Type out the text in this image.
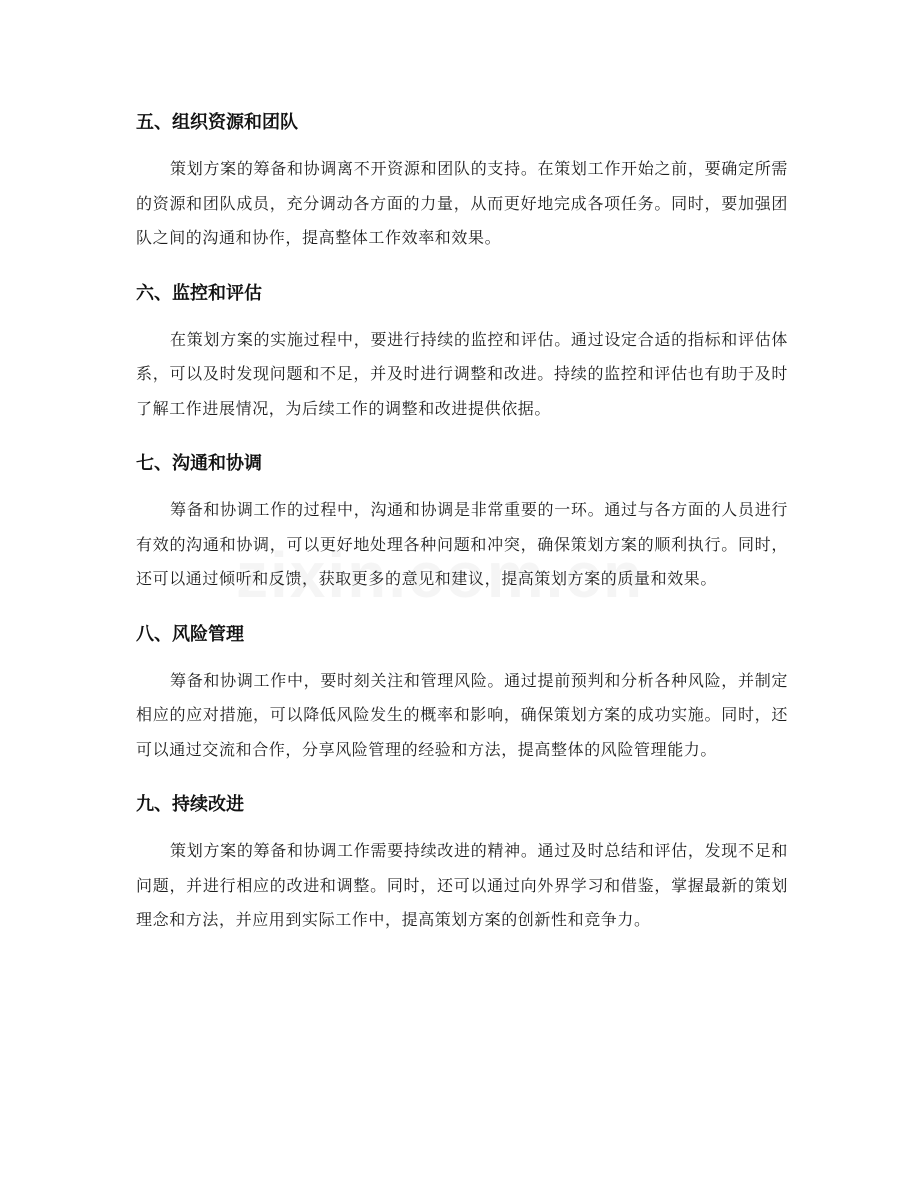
五、组织资源和团队

策划方案的筹备和协调离不开资源和团队的支持。在策划工作开始之前，要确定所需的资源和团队成员，充分调动各方面的力量，从而更好地完成各项任务。同时，要加强团队之间的沟通和协作，提高整体工作效率和效果。

六、监控和评估

在策划方案的实施过程中，要进行持续的监控和评估。通过设定合适的指标和评估体系，可以及时发现问题和不足，并及时进行调整和改进。持续的监控和评估也有助于及时了解工作进展情况，为后续工作的调整和改进提供依据。

七、沟通和协调

筹备和协调工作的过程中，沟通和协调是非常重要的一环。通过与各方面的人员进行有效的沟通和协调，可以更好地处理各种问题和冲突，确保策划方案的顺利执行。同时，还可以通过倾听和反馈，获取更多的意见和建议，提高策划方案的质量和效果。

八、风险管理

筹备和协调工作中，要时刻关注和管理风险。通过提前预判和分析各种风险，并制定相应的应对措施，可以降低风险发生的概率和影响，确保策划方案的成功实施。同时，还可以通过交流和合作，分享风险管理的经验和方法，提高整体的风险管理能力。

九、持续改进

策划方案的筹备和协调工作需要持续改进的精神。通过及时总结和评估，发现不足和问题，并进行相应的改进和调整。同时，还可以通过向外界学习和借鉴，掌握最新的策划理念和方法，并应用到实际工作中，提高策划方案的创新性和竞争力。
